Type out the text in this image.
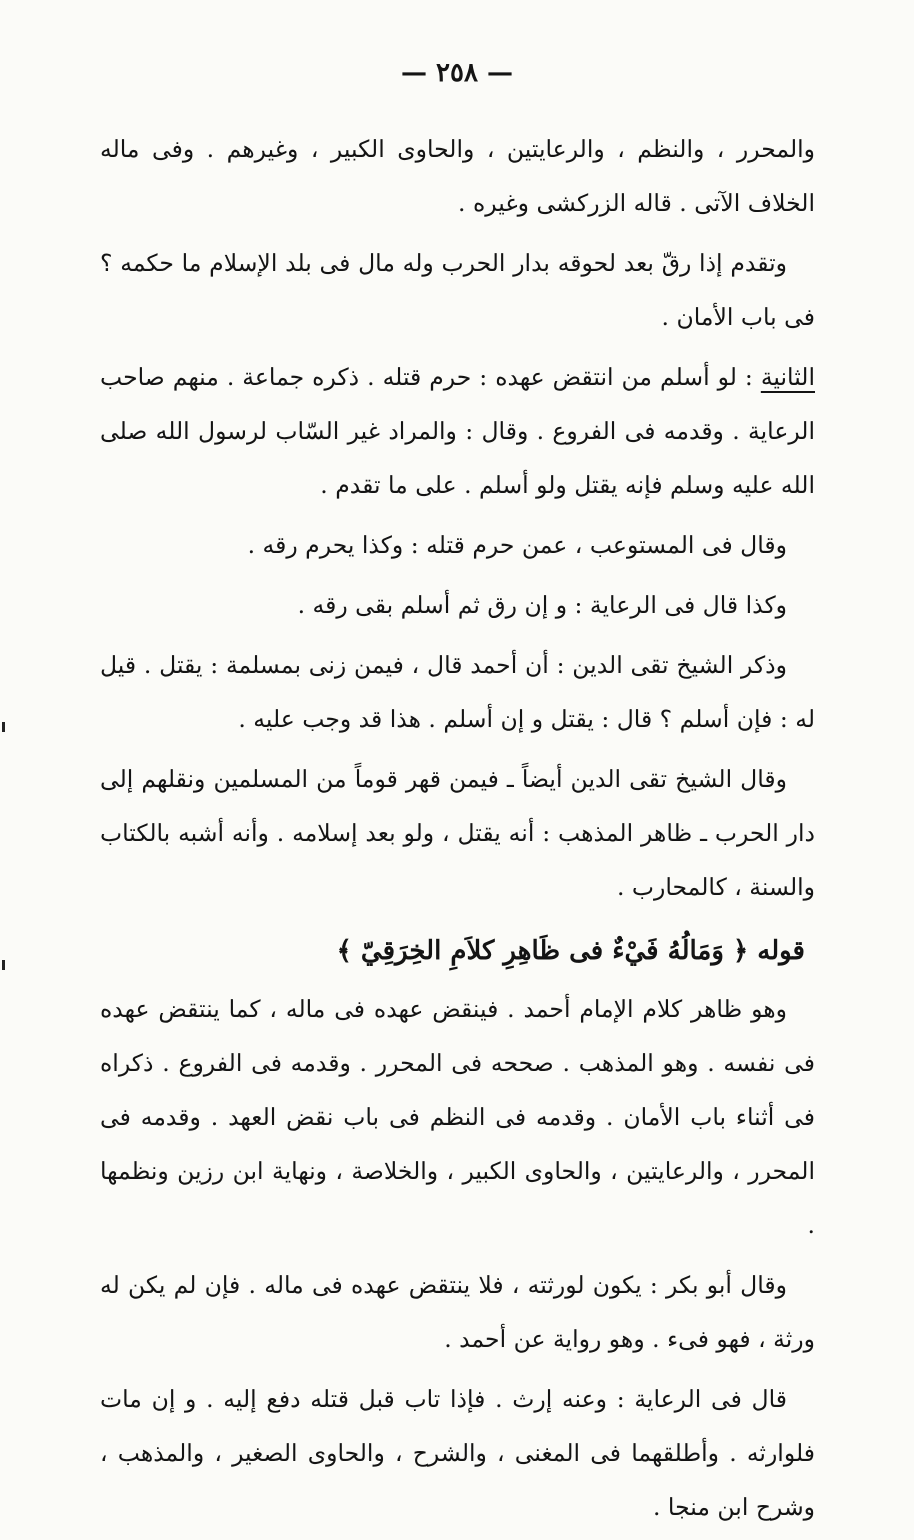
— ٢٥٨ —

والمحرر ، والنظم ، والرعايتين ، والحاوى الكبير ، وغيرهم . وفى ماله الخلاف الآتى . قاله الزركشى وغيره .

وتقدم إذا رقّ بعد لحوقه بدار الحرب وله مال فى بلد الإسلام ما حكمه ؟ فى باب الأمان .

الثانية : لو أسلم من انتقض عهده : حرم قتله . ذكره جماعة . منهم صاحب الرعاية . وقدمه فى الفروع . وقال : والمراد غير السّاب لرسول الله صلى الله عليه وسلم فإنه يقتل ولو أسلم . على ما تقدم .

وقال فى المستوعب ، عمن حرم قتله : وكذا يحرم رقه .

وكذا قال فى الرعاية : و إن رق ثم أسلم بقى رقه .

وذكر الشيخ تقى الدين : أن أحمد قال ، فيمن زنى بمسلمة : يقتل . قيل له : فإن أسلم ؟ قال : يقتل و إن أسلم . هذا قد وجب عليه .

وقال الشيخ تقى الدين أيضاً ـ فيمن قهر قوماً من المسلمين ونقلهم إلى دار الحرب ـ ظاهر المذهب : أنه يقتل ، ولو بعد إسلامه . وأنه أشبه بالكتاب والسنة ، كالمحارب .

قوله ﴿ وَمَالُهُ فَيْءٌ فى ظَاهِرِ كلاَمِ الخِرَقِيّ ﴾

وهو ظاهر كلام الإمام أحمد . فينقض عهده فى ماله ، كما ينتقض عهده فى نفسه . وهو المذهب . صححه فى المحرر . وقدمه فى الفروع . ذكراه فى أثناء باب الأمان . وقدمه فى النظم فى باب نقض العهد . وقدمه فى المحرر ، والرعايتين ، والحاوى الكبير ، والخلاصة ، ونهاية ابن رزين ونظمها .

وقال أبو بكر : يكون لورثته ، فلا ينتقض عهده فى ماله . فإن لم يكن له ورثة ، فهو فىء . وهو رواية عن أحمد .

قال فى الرعاية : وعنه إرث . فإذا تاب قبل قتله دفع إليه . و إن مات فلوارثه . وأطلقهما فى المغنى ، والشرح ، والحاوى الصغير ، والمذهب ، وشرح ابن منجا .
